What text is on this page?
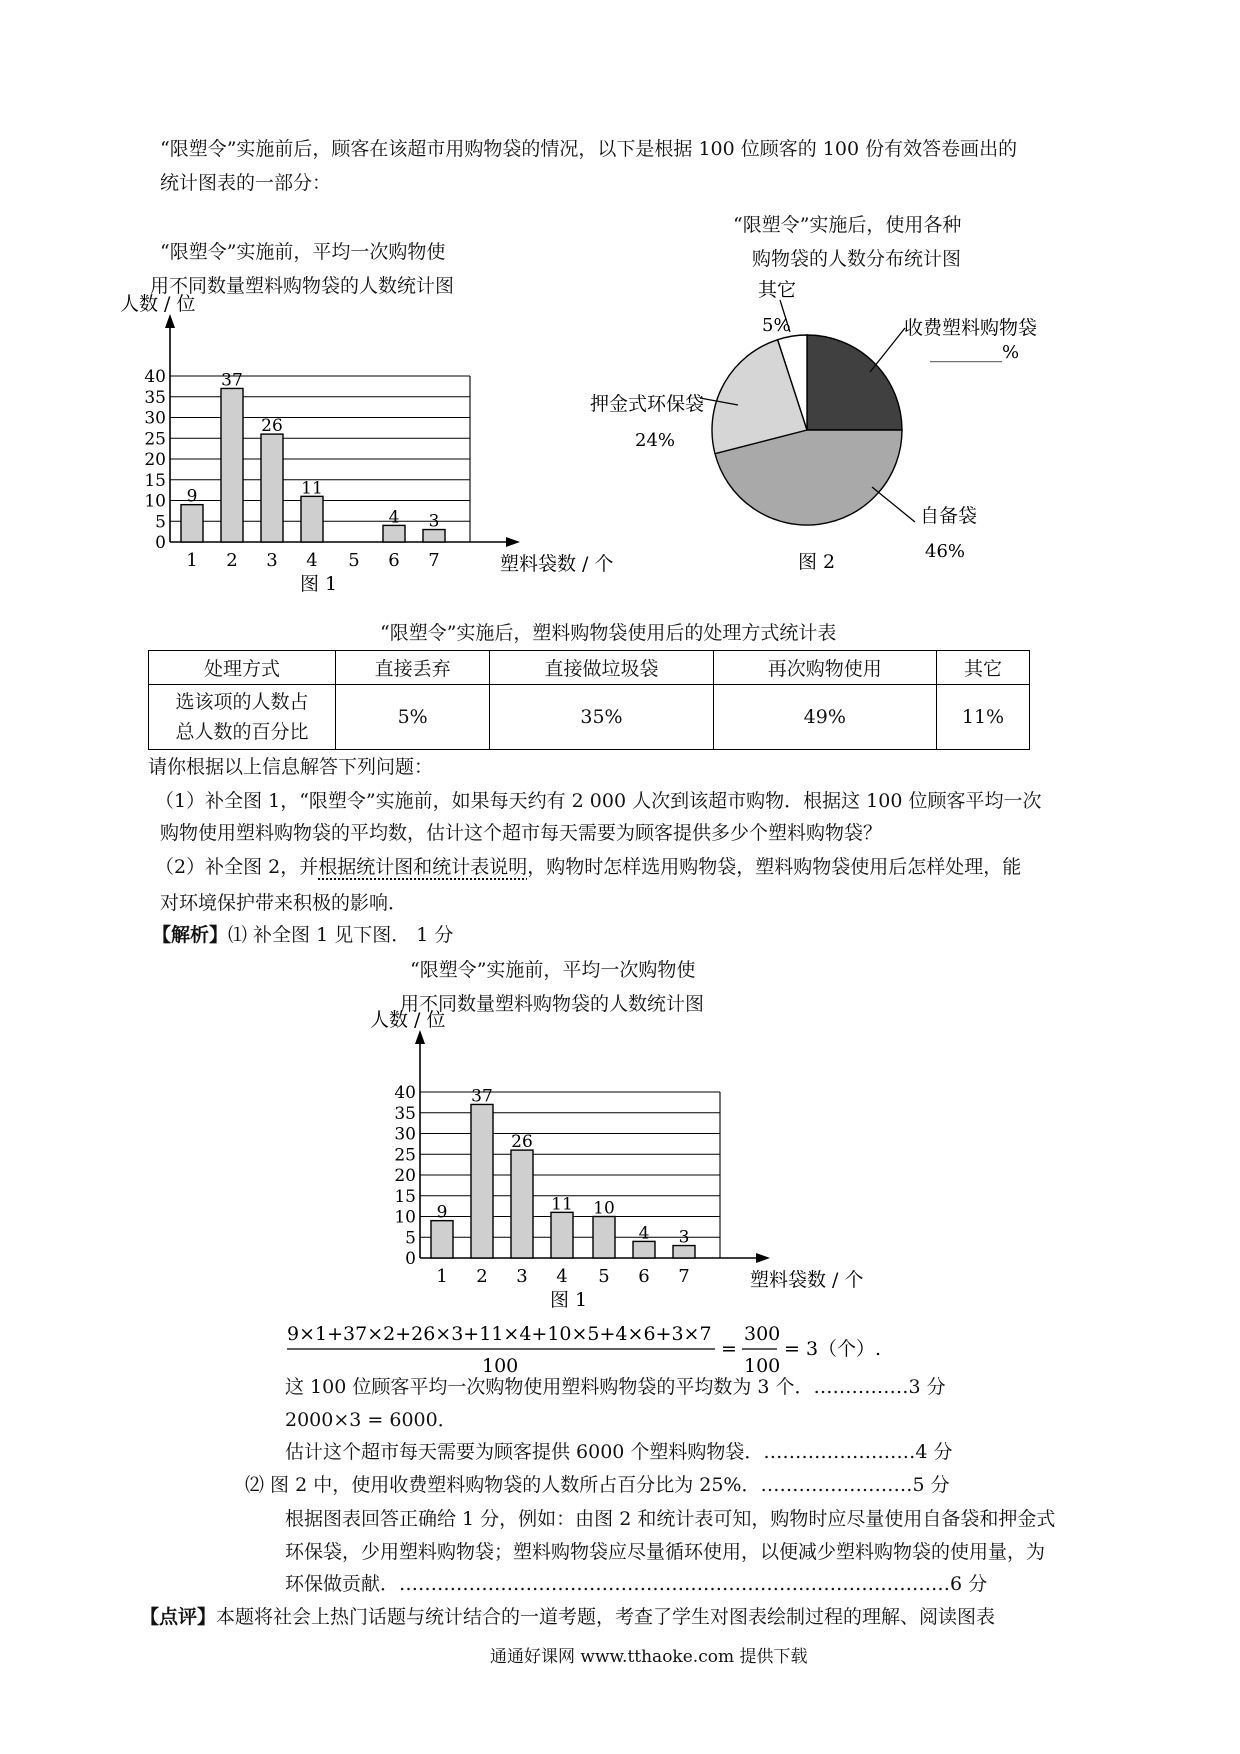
“限塑令”实施前后，顾客在该超市用购物袋的情况，以下是根据 100 位顾客的 100 份有效答卷画出的
统计图表的一部分：
“限塑令”实施前，平均一次购物使
用不同数量塑料购物袋的人数统计图
人数 / 位
40
35
30
25
20
15
10
5
0
9
1
37
2
26
3
11
4 5
4
6
3
7	塑料袋数 / 个
图 1
“限塑令”实施后，使用各种
购物袋的人数分布统计图
其它
5%	收费塑料购物袋
________%
押金式环保袋
24%
自备袋
46%
图 2
“限塑令”实施后，塑料购物袋使用后的处理方式统计表
处理方式	直接丢弃	直接做垃圾袋	再次购物使用	其它

选该项的人数占
总人数的百分比	5%	35%	49%	11%
请你根据以上信息解答下列问题：
（1）补全图 1，“限塑令”实施前，如果每天约有 2 000 人次到该超市购物．根据这 100 位顾客平均一次
购物使用塑料购物袋的平均数，估计这个超市每天需要为顾客提供多少个塑料购物袋？
（2）补全图 2，并根据统计图和统计表说明，购物时怎样选用购物袋，塑料购物袋使用后怎样处理，能
对环境保护带来积极的影响．
【解析】⑴ 补全图 1 见下图． 1 分
“限塑令”实施前，平均一次购物使
用不同数量塑料购物袋的人数统计图
人数 / 位
40
35
30
25
20
15
10
5
0
9
1
37
2
26
3
11
4
10
5
4
6
3
7	塑料袋数 / 个
图 1
9×1+37×2+26×3+11×4+10×5+4×6+3×7
100
=
300
100
= 3（个）.
这 100 位顾客平均一次购物使用塑料购物袋的平均数为 3 个．……………3 分
2000×3 = 6000．
估计这个超市每天需要为顾客提供 6000 个塑料购物袋．……………………4 分
⑵ 图 2 中，使用收费塑料购物袋的人数所占百分比为 25%．……………………5 分
根据图表回答正确给 1 分，例如：由图 2 和统计表可知，购物时应尽量使用自备袋和押金式
环保袋，少用塑料购物袋；塑料购物袋应尽量循环使用，以便减少塑料购物袋的使用量，为
环保做贡献．……………………………………………………………………………6 分
【点评】本题将社会上热门话题与统计结合的一道考题，考查了学生对图表绘制过程的理解、阅读图表
通通好课网 www.tthaoke.com 提供下载
